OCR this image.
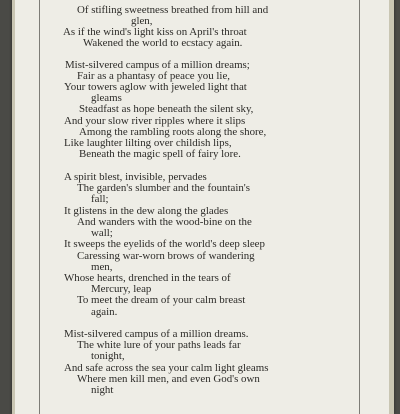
Of stifling sweetness breathed from hill and
glen,
As if the wind's light kiss on April's throat
Wakened the world to ecstacy again.
Mist-silvered campus of a million dreams;
Fair as a phantasy of peace you lie,
Your towers aglow with jeweled light that
gleams
Steadfast as hope beneath the silent sky,
And your slow river ripples where it slips
Among the rambling roots along the shore,
Like laughter lilting over childish lips,
Beneath the magic spell of fairy lore.
A spirit blest, invisible, pervades
The garden's slumber and the fountain's
fall;
It glistens in the dew along the glades
And wanders with the wood-bine on the
wall;
It sweeps the eyelids of the world's deep sleep
Caressing war-worn brows of wandering
men,
Whose hearts, drenched in the tears of
Mercury, leap
To meet the dream of your calm breast
again.
Mist-silvered campus of a million dreams.
The white lure of your paths leads far
tonight,
And safe across the sea your calm light gleams
Where men kill men, and even God's own
night
